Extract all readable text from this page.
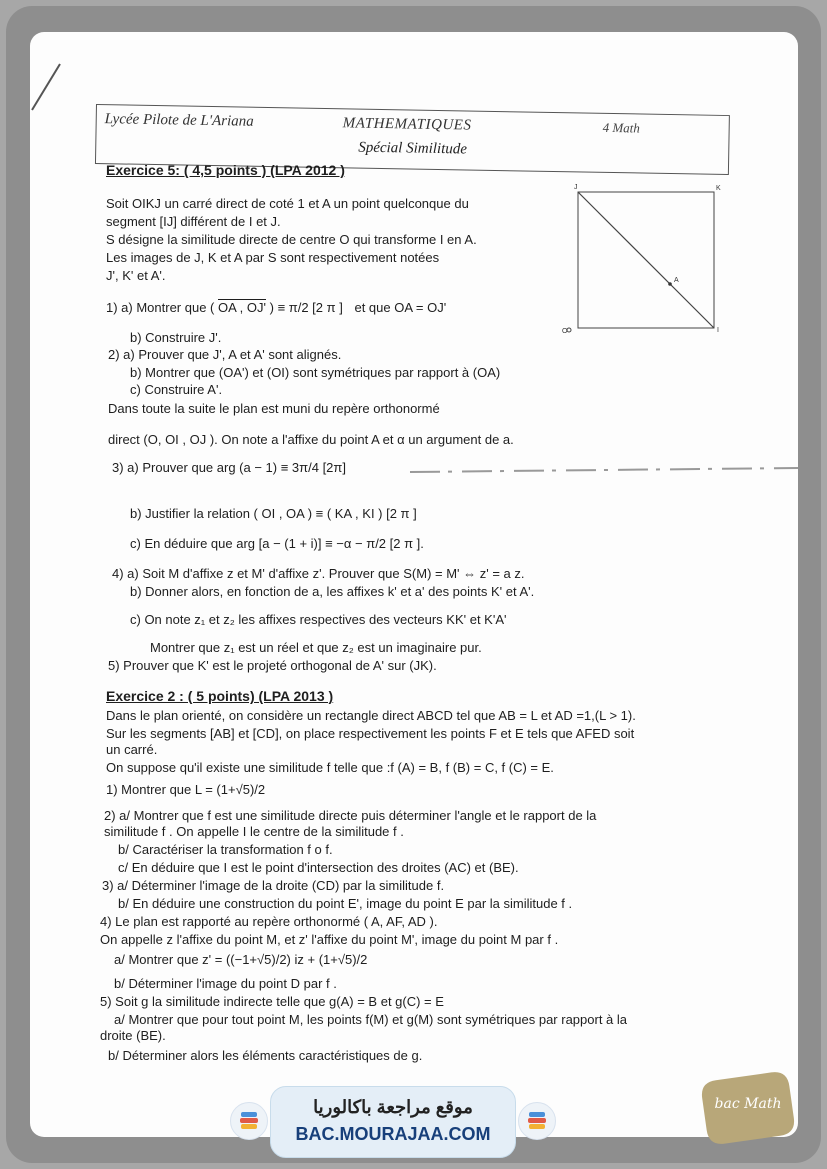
Lycée Pilote de L'Ariana	MATHEMATIQUES
Spécial Similitude
4 Math
Exercice 5: ( 4,5 points ) (LPA 2012 )
Soit OIKJ un carré direct de coté 1 et A un point quelconque du
segment [IJ] différent de I et J.
S désigne la similitude directe de centre O qui transforme I en A.
Les images de J, K et A par S sont respectivement notées
J', K' et A'.
1) a) Montrer que ( OA , OJ' ) ≡ π/2 [2 π ] et que OA = OJ'
b) Construire J'.
2) a) Prouver que J', A et A' sont alignés.
b) Montrer que (OA') et (OI) sont symétriques par rapport à (OA)
c) Construire A'.
Dans toute la suite le plan est muni du repère orthonormé
direct (O, OI , OJ ). On note a l'affixe du point A et α un argument de a.
3) a) Prouver que arg (a − 1) ≡ 3π/4 [2π]
b) Justifier la relation ( OI , OA ) ≡ ( KA , KI ) [2 π ]
c) En déduire que arg [a − (1 + i)] ≡ −α − π/2 [2 π ].
4) a) Soit M d'affixe z et M' d'affixe z'. Prouver que S(M) = M' ⇔ z' = a z.
b) Donner alors, en fonction de a, les affixes k' et a' des points K' et A'.
c) On note z₁ et z₂ les affixes respectives des vecteurs KK' et K'A'
Montrer que z₁ est un réel et que z₂ est un imaginaire pur.
5) Prouver que K' est le projeté orthogonal de A' sur (JK).
J	K
O	I
A
Exercice 2 : ( 5 points) (LPA 2013 )
Dans le plan orienté, on considère un rectangle direct ABCD tel que AB = L et AD =1,(L > 1).
Sur les segments [AB] et [CD], on place respectivement les points F et E tels que AFED soit
un carré.
On suppose qu'il existe une similitude f telle que :f (A) = B, f (B) = C, f (C) = E.
1) Montrer que L = (1+√5)/2
2) a/ Montrer que f est une similitude directe puis déterminer l'angle et le rapport de la
similitude f . On appelle I le centre de la similitude f .
b/ Caractériser la transformation f o f.
c/ En déduire que I est le point d'intersection des droites (AC) et (BE).
3) a/ Déterminer l'image de la droite (CD) par la similitude f.
b/ En déduire une construction du point E', image du point E par la similitude f .
4) Le plan est rapporté au repère orthonormé ( A, AF, AD ).
On appelle z l'affixe du point M, et z' l'affixe du point M', image du point M par f .
a/ Montrer que z' = ((−1+√5)/2) iz + (1+√5)/2
b/ Déterminer l'image du point D par f .
5) Soit g la similitude indirecte telle que g(A) = B et g(C) = E
a/ Montrer que pour tout point M, les points f(M) et g(M) sont symétriques par rapport à la
droite (BE).
b/ Déterminer alors les éléments caractéristiques de g.
موقع مراجعة باكالوريا
BAC.MOURAJAA.COM
bac Math
